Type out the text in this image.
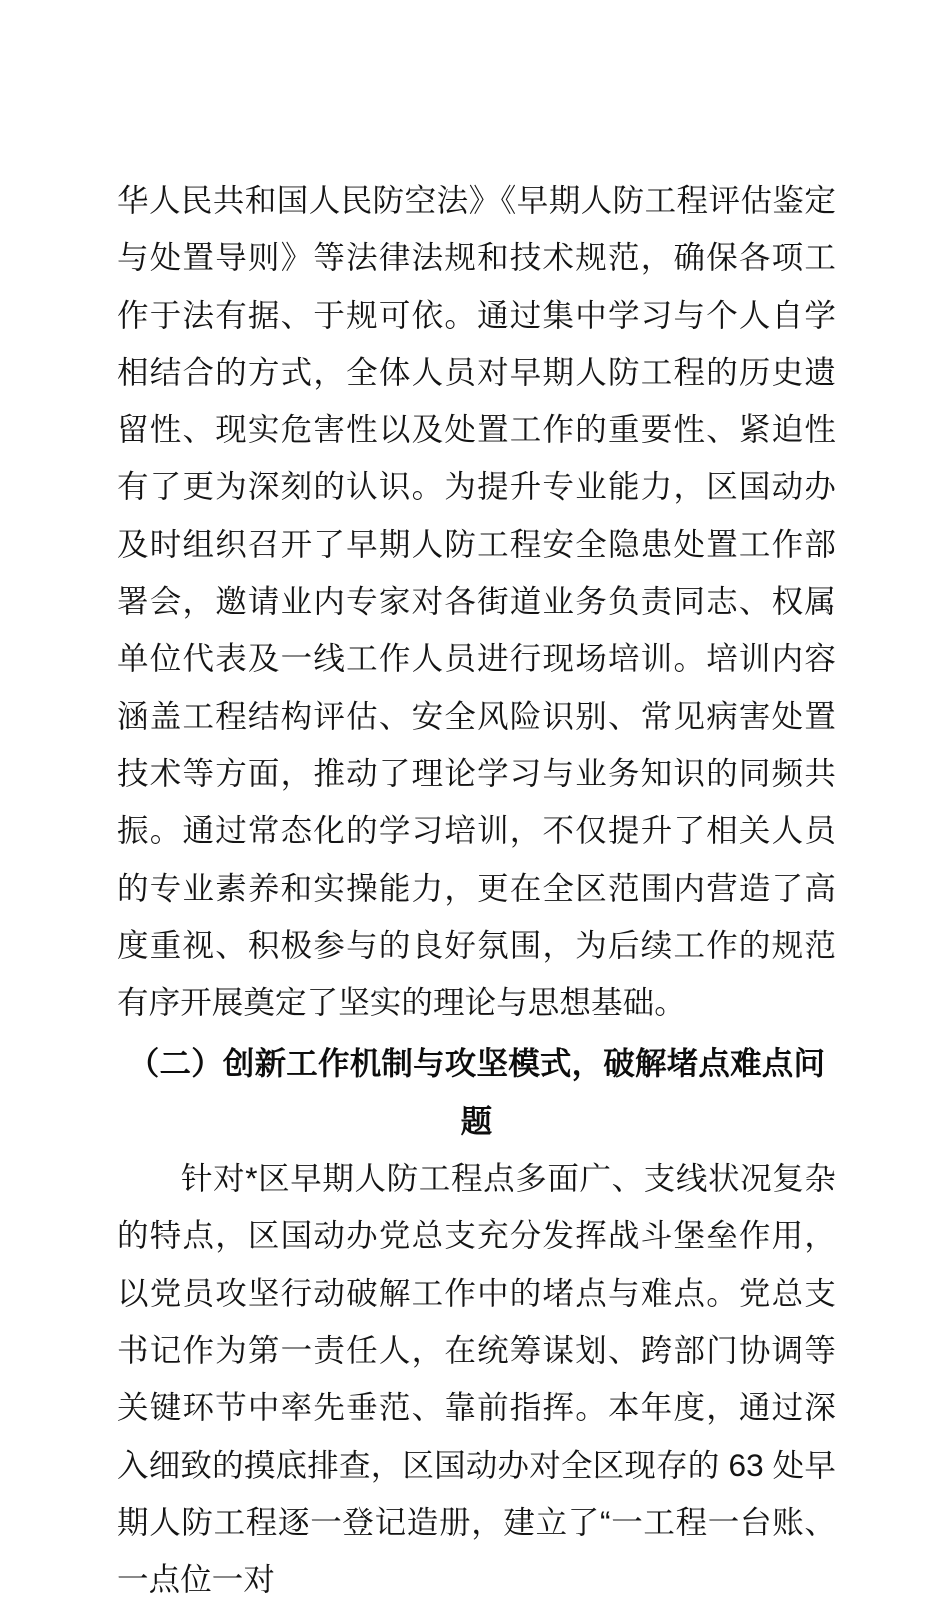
华人民共和国人民防空法》《早期人防工程评估鉴定与处置导则》等法律法规和技术规范，确保各项工作于法有据、于规可依。通过集中学习与个人自学相结合的方式，全体人员对早期人防工程的历史遗留性、现实危害性以及处置工作的重要性、紧迫性有了更为深刻的认识。为提升专业能力，区国动办及时组织召开了早期人防工程安全隐患处置工作部署会，邀请业内专家对各街道业务负责同志、权属单位代表及一线工作人员进行现场培训。培训内容涵盖工程结构评估、安全风险识别、常见病害处置技术等方面，推动了理论学习与业务知识的同频共振。通过常态化的学习培训，不仅提升了相关人员的专业素养和实操能力，更在全区范围内营造了高度重视、积极参与的良好氛围，为后续工作的规范有序开展奠定了坚实的理论与思想基础。

（二）创新工作机制与攻坚模式，破解堵点难点问题

针对*区早期人防工程点多面广、支线状况复杂的特点，区国动办党总支充分发挥战斗堡垒作用，以党员攻坚行动破解工作中的堵点与难点。党总支书记作为第一责任人，在统筹谋划、跨部门协调等关键环节中率先垂范、靠前指挥。本年度，通过深入细致的摸底排查，区国动办对全区现存的 63 处早期人防工程逐一登记造册，建立了“一工程一台账、一点位一对
